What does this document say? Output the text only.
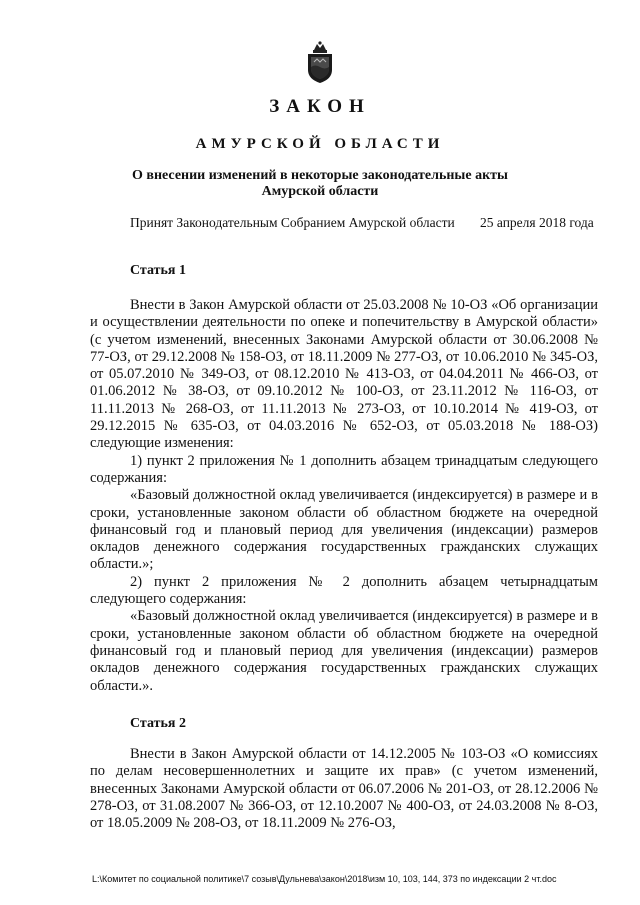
ЗАКОН
АМУРСКОЙ ОБЛАСТИ
О внесении изменений в некоторые законодательные акты
Амурской области
Принят Законодательным Собранием Амурской области 25 апреля 2018 года
Статья 1

Внести в Закон Амурской области от 25.03.2008 № 10-ОЗ «Об организации и осуществлении деятельности по опеке и попечительству в Амурской области» (с учетом изменений, внесенных Законами Амурской области от 30.06.2008 № 77-ОЗ, от 29.12.2008 № 158-ОЗ, от 18.11.2009 № 277-ОЗ, от 10.06.2010 № 345-ОЗ, от 05.07.2010 № 349-ОЗ, от 08.12.2010 № 413-ОЗ, от 04.04.2011 № 466-ОЗ, от 01.06.2012 № 38-ОЗ, от 09.10.2012 № 100-ОЗ, от 23.11.2012 № 116-ОЗ, от 11.11.2013 № 268-ОЗ, от 11.11.2013 № 273-ОЗ, от 10.10.2014 № 419-ОЗ, от 29.12.2015 № 635-ОЗ, от 04.03.2016 № 652-ОЗ, от 05.03.2018 № 188-ОЗ) следующие изменения:

1) пункт 2 приложения № 1 дополнить абзацем тринадцатым следующего содержания:

«Базовый должностной оклад увеличивается (индексируется) в размере и в сроки, установленные законом области об областном бюджете на очередной финансовый год и плановый период для увеличения (индексации) размеров окладов денежного содержания государственных гражданских служащих области.»;

2) пункт 2 приложения № 2 дополнить абзацем четырнадцатым следующего содержания:

«Базовый должностной оклад увеличивается (индексируется) в размере и в сроки, установленные законом области об областном бюджете на очередной финансовый год и плановый период для увеличения (индексации) размеров окладов денежного содержания государственных гражданских служащих области.».

Статья 2

Внести в Закон Амурской области от 14.12.2005 № 103-ОЗ «О комиссиях по делам несовершеннолетних и защите их прав» (с учетом изменений, внесенных Законами Амурской области от 06.07.2006 № 201-ОЗ, от 28.12.2006 № 278-ОЗ, от 31.08.2007 № 366-ОЗ, от 12.10.2007 № 400-ОЗ, от 24.03.2008 № 8-ОЗ, от 18.05.2009 № 208-ОЗ, от 18.11.2009 № 276-ОЗ,

L:\Комитет по социальной политике\7 созыв\Дульнева\закон\2018\изм 10, 103, 144, 373 по индексации 2 чт.doc
